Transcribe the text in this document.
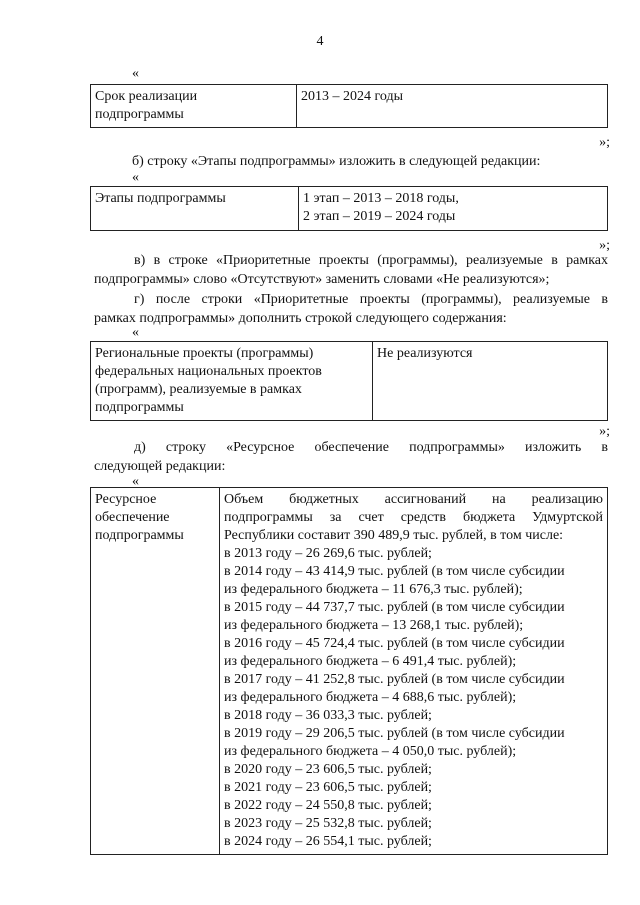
4
«
Срок реализации
подпрограммы
	2013 – 2024 годы
»;
б) строку «Этапы подпрограммы» изложить в следующей редакции:
«
Этапы подпрограммы	1 этап – 2013 – 2018 годы,
2 этап – 2019 – 2024 годы
»;
в) в строке «Приоритетные проекты (программы), реализуемые в рамках
подпрограммы» слово «Отсутствуют» заменить словами «Не реализуются»;
г) после строки «Приоритетные проекты (программы), реализуемые в
рамках подпрограммы» дополнить строкой следующего содержания:
«
Региональные проекты (программы)
федеральных национальных проектов
(программ), реализуемые в рамках
подпрограммы
	Не реализуются
»;
д) строку «Ресурсное обеспечение подпрограммы» изложить в
следующей редакции:
«
Ресурсное
обеспечение
подпрограммы

Объем бюджетных ассигнований на реализацию
подпрограммы за счет средств бюджета Удмуртской
Республики составит 390 489,9 тыс. рублей, в том числе:
в 2013 году – 26 269,6 тыс. рублей;
в 2014 году – 43 414,9 тыс. рублей (в том числе субсидии
из федерального бюджета – 11 676,3 тыс. рублей);
в 2015 году – 44 737,7 тыс. рублей (в том числе субсидии
из федерального бюджета – 13 268,1 тыс. рублей);
в 2016 году – 45 724,4 тыс. рублей (в том числе субсидии
из федерального бюджета – 6 491,4 тыс. рублей);
в 2017 году – 41 252,8 тыс. рублей (в том числе субсидии
из федерального бюджета – 4 688,6 тыс. рублей);
в 2018 году – 36 033,3 тыс. рублей;
в 2019 году – 29 206,5 тыс. рублей (в том числе субсидии
из федерального бюджета – 4 050,0 тыс. рублей);
в 2020 году – 23 606,5 тыс. рублей;
в 2021 году – 23 606,5 тыс. рублей;
в 2022 году – 24 550,8 тыс. рублей;
в 2023 году – 25 532,8 тыс. рублей;
в 2024 году – 26 554,1 тыс. рублей;
